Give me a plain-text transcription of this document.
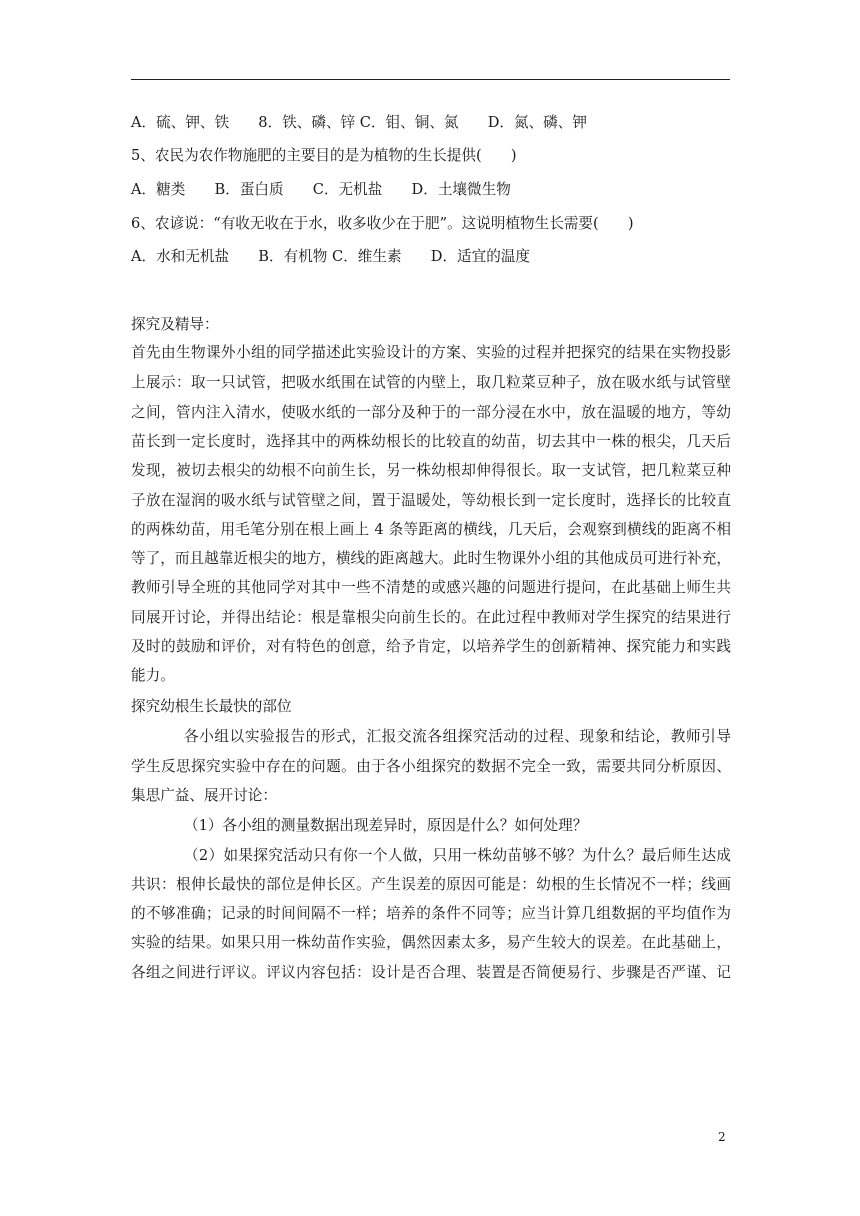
A．硫、钾、铁　　8．铁、磷、锌 C．钼、铜、氮　　D．氮、磷、钾
5、农民为农作物施肥的主要目的是为植物的生长提供(　　)
A．糖类　　B．蛋白质　　C．无机盐　　D．土壤微生物
6、农谚说：“有收无收在于水，收多收少在于肥”。这说明植物生长需要(　　)
A．水和无机盐　　B．有机物 C．维生素　　D．适宜的温度
探究及精导：
首先由生物课外小组的同学描述此实验设计的方案、实验的过程并把探究的结果在实物投影
上展示：取一只试管，把吸水纸围在试管的内壁上，取几粒菜豆种子，放在吸水纸与试管壁
之间，管内注入清水，使吸水纸的一部分及种于的一部分浸在水中，放在温暖的地方，等幼
苗长到一定长度时，选择其中的两株幼根长的比较直的幼苗，切去其中一株的根尖，几天后
发现，被切去根尖的幼根不向前生长，另一株幼根却伸得很长。取一支试管，把几粒菜豆种
子放在湿润的吸水纸与试管壁之间，置于温暖处，等幼根长到一定长度时，选择长的比较直
的两株幼苗，用毛笔分别在根上画上 4 条等距离的横线，几天后，会观察到横线的距离不相
等了，而且越靠近根尖的地方，横线的距离越大。此时生物课外小组的其他成员可进行补充，
教师引导全班的其他同学对其中一些不清楚的或感兴趣的问题进行提问，在此基础上师生共
同展开讨论，并得出结论：根是靠根尖向前生长的。在此过程中教师对学生探究的结果进行
及时的鼓励和评价，对有特色的创意，给予肯定，以培养学生的创新精神、探究能力和实践
能力。
探究幼根生长最快的部位
各小组以实验报告的形式，汇报交流各组探究活动的过程、现象和结论，教师引导
学生反思探究实验中存在的问题。由于各小组探究的数据不完全一致，需要共同分析原因、
集思广益、展开讨论：
（1）各小组的测量数据出现差异时，原因是什么？如何处理？
（2）如果探究活动只有你一个人做，只用一株幼苗够不够？为什么？最后师生达成
共识：根伸长最快的部位是伸长区。产生误差的原因可能是：幼根的生长情况不一样；线画
的不够准确；记录的时间间隔不一样；培养的条件不同等；应当计算几组数据的平均值作为
实验的结果。如果只用一株幼苗作实验，偶然因素太多，易产生较大的误差。在此基础上，
各组之间进行评议。评议内容包括：设计是否合理、装置是否简便易行、步骤是否严谨、记
2
